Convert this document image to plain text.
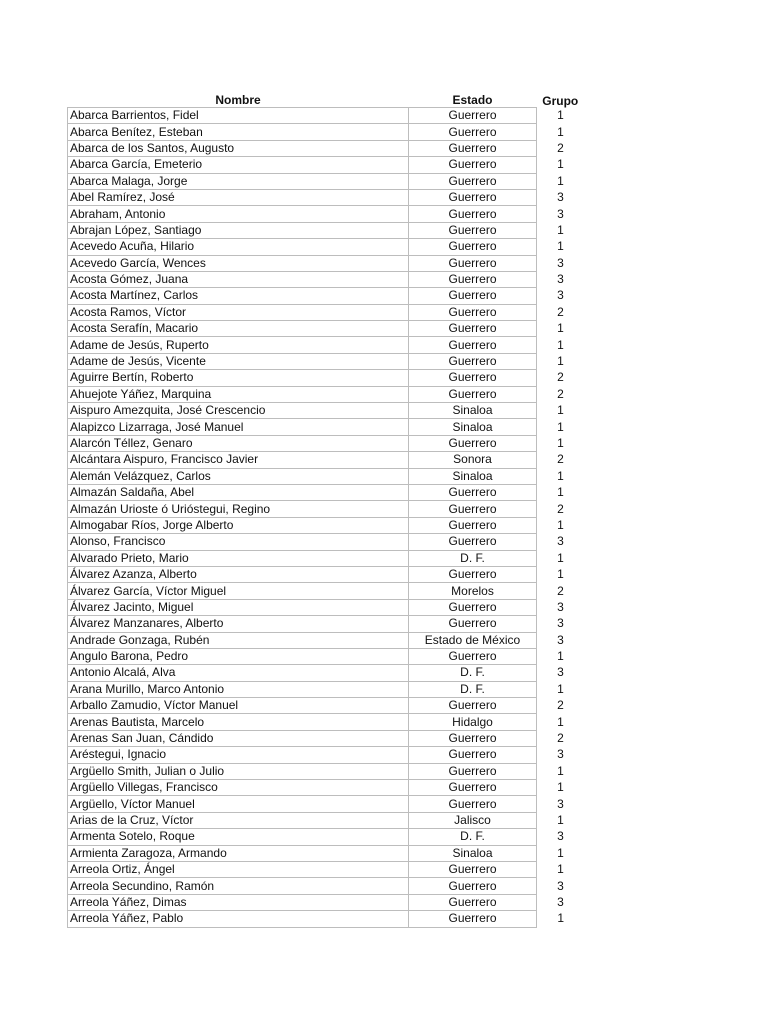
Nombre	Estado	Grupo
Abarca Barrientos, Fidel	Guerrero	1
Abarca Benítez, Esteban	Guerrero	1
Abarca de los Santos, Augusto	Guerrero	2
Abarca García, Emeterio	Guerrero	1
Abarca Malaga, Jorge	Guerrero	1
Abel Ramírez, José	Guerrero	3
Abraham, Antonio	Guerrero	3
Abrajan López, Santiago	Guerrero	1
Acevedo Acuña, Hilario	Guerrero	1
Acevedo García, Wences	Guerrero	3
Acosta Gómez, Juana	Guerrero	3
Acosta Martínez, Carlos	Guerrero	3
Acosta Ramos, Víctor	Guerrero	2
Acosta Serafín, Macario	Guerrero	1
Adame de Jesús, Ruperto	Guerrero	1
Adame de Jesús, Vicente	Guerrero	1
Aguirre Bertín, Roberto	Guerrero	2
Ahuejote Yáñez, Marquina	Guerrero	2
Aispuro Amezquita, José Crescencio	Sinaloa	1
Alapizco Lizarraga, José Manuel	Sinaloa	1
Alarcón Téllez, Genaro	Guerrero	1
Alcántara Aispuro, Francisco Javier	Sonora	2
Alemán Velázquez, Carlos	Sinaloa	1
Almazán Saldaña, Abel	Guerrero	1
Almazán Urioste ó Urióstegui, Regino	Guerrero	2
Almogabar Ríos, Jorge Alberto	Guerrero	1
Alonso, Francisco	Guerrero	3
Alvarado Prieto, Mario	D. F.	1
Álvarez Azanza, Alberto	Guerrero	1
Álvarez García, Víctor Miguel	Morelos	2
Álvarez Jacinto, Miguel	Guerrero	3
Álvarez Manzanares, Alberto	Guerrero	3
Andrade Gonzaga, Rubén	Estado de México	3
Angulo Barona, Pedro	Guerrero	1
Antonio Alcalá, Alva	D. F.	3
Arana Murillo, Marco Antonio	D. F.	1
Arballo Zamudio, Víctor Manuel	Guerrero	2
Arenas Bautista, Marcelo	Hidalgo	1
Arenas San Juan, Cándido	Guerrero	2
Aréstegui, Ignacio	Guerrero	3
Argüello Smith, Julian o Julio	Guerrero	1
Argüello Villegas, Francisco	Guerrero	1
Argüello, Víctor Manuel	Guerrero	3
Arias de la Cruz, Víctor	Jalisco	1
Armenta Sotelo, Roque	D. F.	3
Armienta Zaragoza, Armando	Sinaloa	1
Arreola Ortiz, Ángel	Guerrero	1
Arreola Secundino, Ramón	Guerrero	3
Arreola Yáñez, Dimas	Guerrero	3
Arreola Yáñez, Pablo	Guerrero	1
